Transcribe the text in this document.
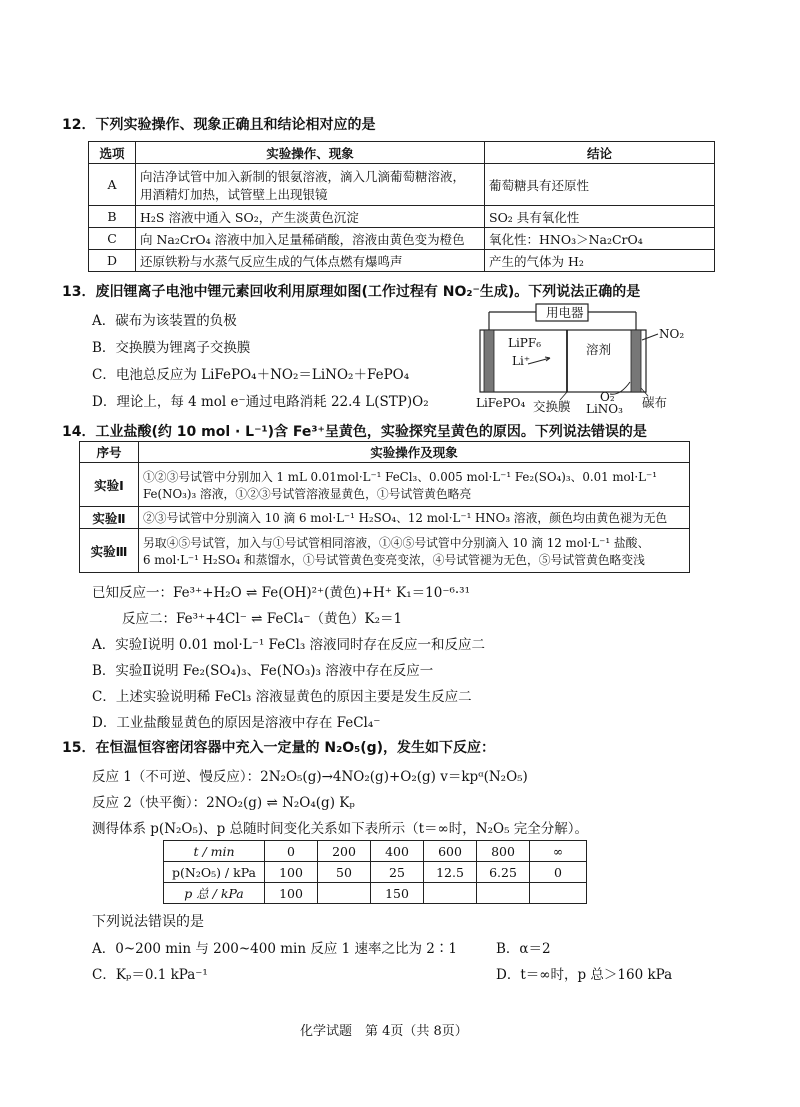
12．下列实验操作、现象正确且和结论相对应的是
选项	实验操作、现象	结论
A	向洁净试管中加入新制的银氨溶液，滴入几滴葡萄糖溶液，
用酒精灯加热，试管壁上出现银镜	葡萄糖具有还原性
B	H₂S 溶液中通入 SO₂，产生淡黄色沉淀	SO₂ 具有氧化性
C	向 Na₂CrO₄ 溶液中加入足量稀硝酸，溶液由黄色变为橙色	氧化性：HNO₃＞Na₂CrO₄
D	还原铁粉与水蒸气反应生成的气体点燃有爆鸣声	产生的气体为 H₂
13．废旧锂离子电池中锂元素回收利用原理如图(工作过程有 NO₂⁻生成)。下列说法正确的是
A．碳布为该装置的负极
B．交换膜为锂离子交换膜
C．电池总反应为 LiFePO₄＋NO₂＝LiNO₂＋FePO₄
D．理论上，每 4 mol e⁻通过电路消耗 22.4 L(STP)O₂
用电器
NO₂
LiPF₆
Li⁺
溶剂
O₂
LiFePO₄ 交换膜 LiNO₃ 碳布
14．工业盐酸(约 10 mol · L⁻¹)含 Fe³⁺呈黄色，实验探究呈黄色的原因。下列说法错误的是
序号	实验操作及现象
实验Ⅰ	①②③号试管中分别加入 1 mL 0.01mol·L⁻¹ FeCl₃、0.005 mol·L⁻¹ Fe₂(SO₄)₃、0.01 mol·L⁻¹
Fe(NO₃)₃ 溶液，①②③号试管溶液显黄色，①号试管黄色略亮

实验Ⅱ	②③号试管中分别滴入 10 滴 6 mol·L⁻¹ H₂SO₄、12 mol·L⁻¹ HNO₃ 溶液，颜色均由黄色褪为无色
实验Ⅲ	另取④⑤号试管，加入与①号试管相同溶液，①④⑤号试管中分别滴入 10 滴 12 mol·L⁻¹ 盐酸、
6 mol·L⁻¹ H₂SO₄ 和蒸馏水，①号试管黄色变亮变浓，④号试管褪为无色，⑤号试管黄色略变浅
已知反应一：Fe³⁺+H₂O ⇌ Fe(OH)²⁺(黄色)+H⁺ K₁＝10⁻⁶·³¹
反应二：Fe³⁺+4Cl⁻ ⇌ FeCl₄⁻（黄色）K₂＝1
A．实验Ⅰ说明 0.01 mol·L⁻¹ FeCl₃ 溶液同时存在反应一和反应二
B．实验Ⅱ说明 Fe₂(SO₄)₃、Fe(NO₃)₃ 溶液中存在反应一
C．上述实验说明稀 FeCl₃ 溶液显黄色的原因主要是发生反应二
D．工业盐酸显黄色的原因是溶液中存在 FeCl₄⁻
15．在恒温恒容密闭容器中充入一定量的 N₂O₅(g)，发生如下反应：
反应 1（不可逆、慢反应）：2N₂O₅(g)→4NO₂(g)+O₂(g) v＝kpᵅ(N₂O₅)
反应 2（快平衡）：2NO₂(g) ⇌ N₂O₄(g) Kₚ
测得体系 p(N₂O₅)、p 总随时间变化关系如下表所示（t＝∞时，N₂O₅ 完全分解）。
t / min	0	200	400	600	800	∞
p(N₂O₅) / kPa	100	50	25	12.5	6.25	0
p 总 / kPa	100		150			
下列说法错误的是
A．0~200 min 与 200~400 min 反应 1 速率之比为 2∶1	B．α＝2
C．Kₚ＝0.1 kPa⁻¹	D．t＝∞时，p 总＞160 kPa
化学试题　第 4页（共 8页）
